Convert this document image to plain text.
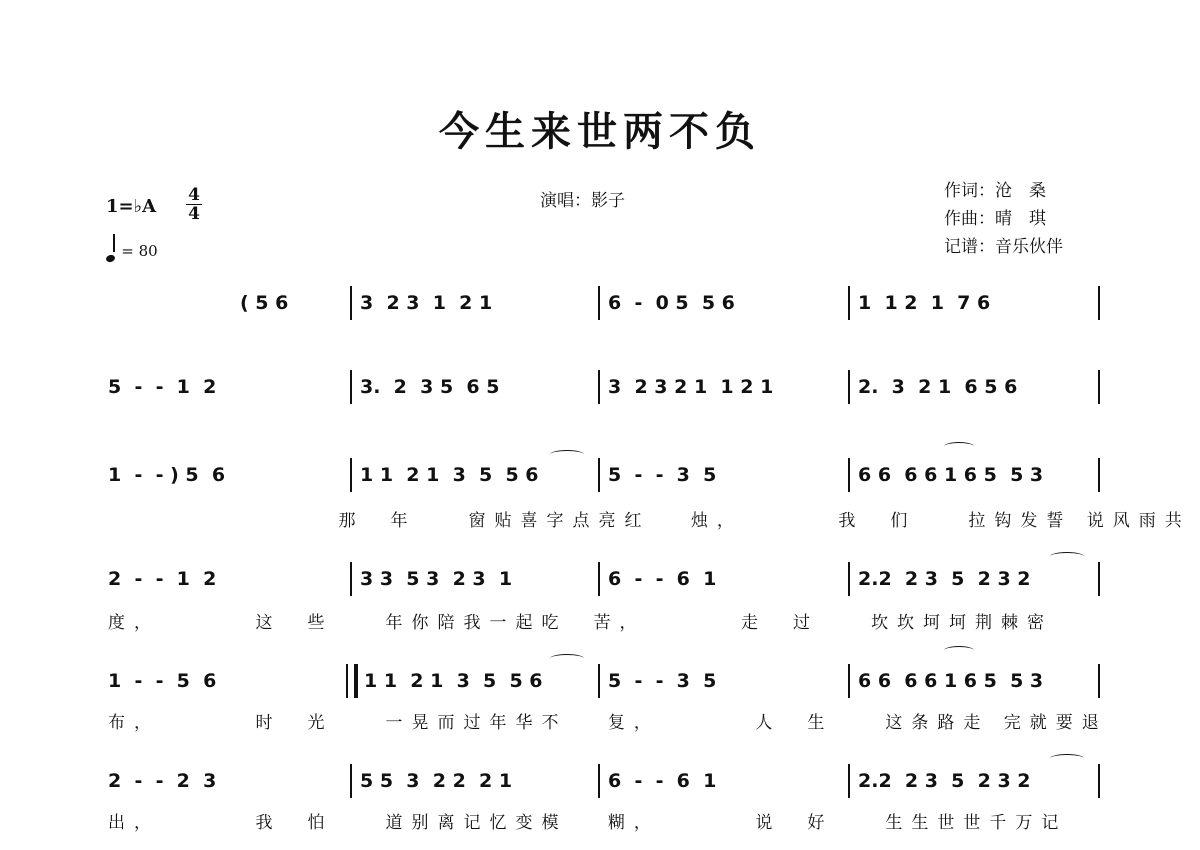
今生来世两不负
1=♭A
4
4
= 80
演唱：影子	作词：沧　桑
作曲：晴　琪
记谱：音乐伙伴
( 5 6	3  2 3  1  2 1	6  -  0 5  5 6	1  1 2  1  7 6
5  -  -  1  2	3.  2  3 5  6 5	3  2 3 2 1  1 2 1	2.  3  2 1  6 5 6
1  -  - ) 5  6	1 1  2 1  3  5  5 6	5  -  -  3  5	6 6  6 6 1 6 5  5 3
那　年　　窗贴喜字点亮红　 烛，　　　　我　们　　拉钩发誓 说风雨共
2  -  -  1  2	3 3  5 3  2 3  1	6  -  -  6  1	2.2  2 3  5  2 3 2
度，　　　　这　些　　年你陪我一起吃　苦，　　　　走　过　　坎坎坷坷荆棘密
1  -  -  5  6	1 1  2 1  3  5  5 6	5  -  -  3  5	6 6  6 6 1 6 5  5 3
布，　　　　时　光　　一晃而过年华不　 复，　　　　人　生　　这条路走 完就要退
2  -  -  2  3	5 5  3  2 2  2 1	6  -  -  6  1	2.2  2 3  5  2 3 2
出，　　　　我　怕　　道别离记忆变模　 糊，　　　　说　好　　生生世世千万记
